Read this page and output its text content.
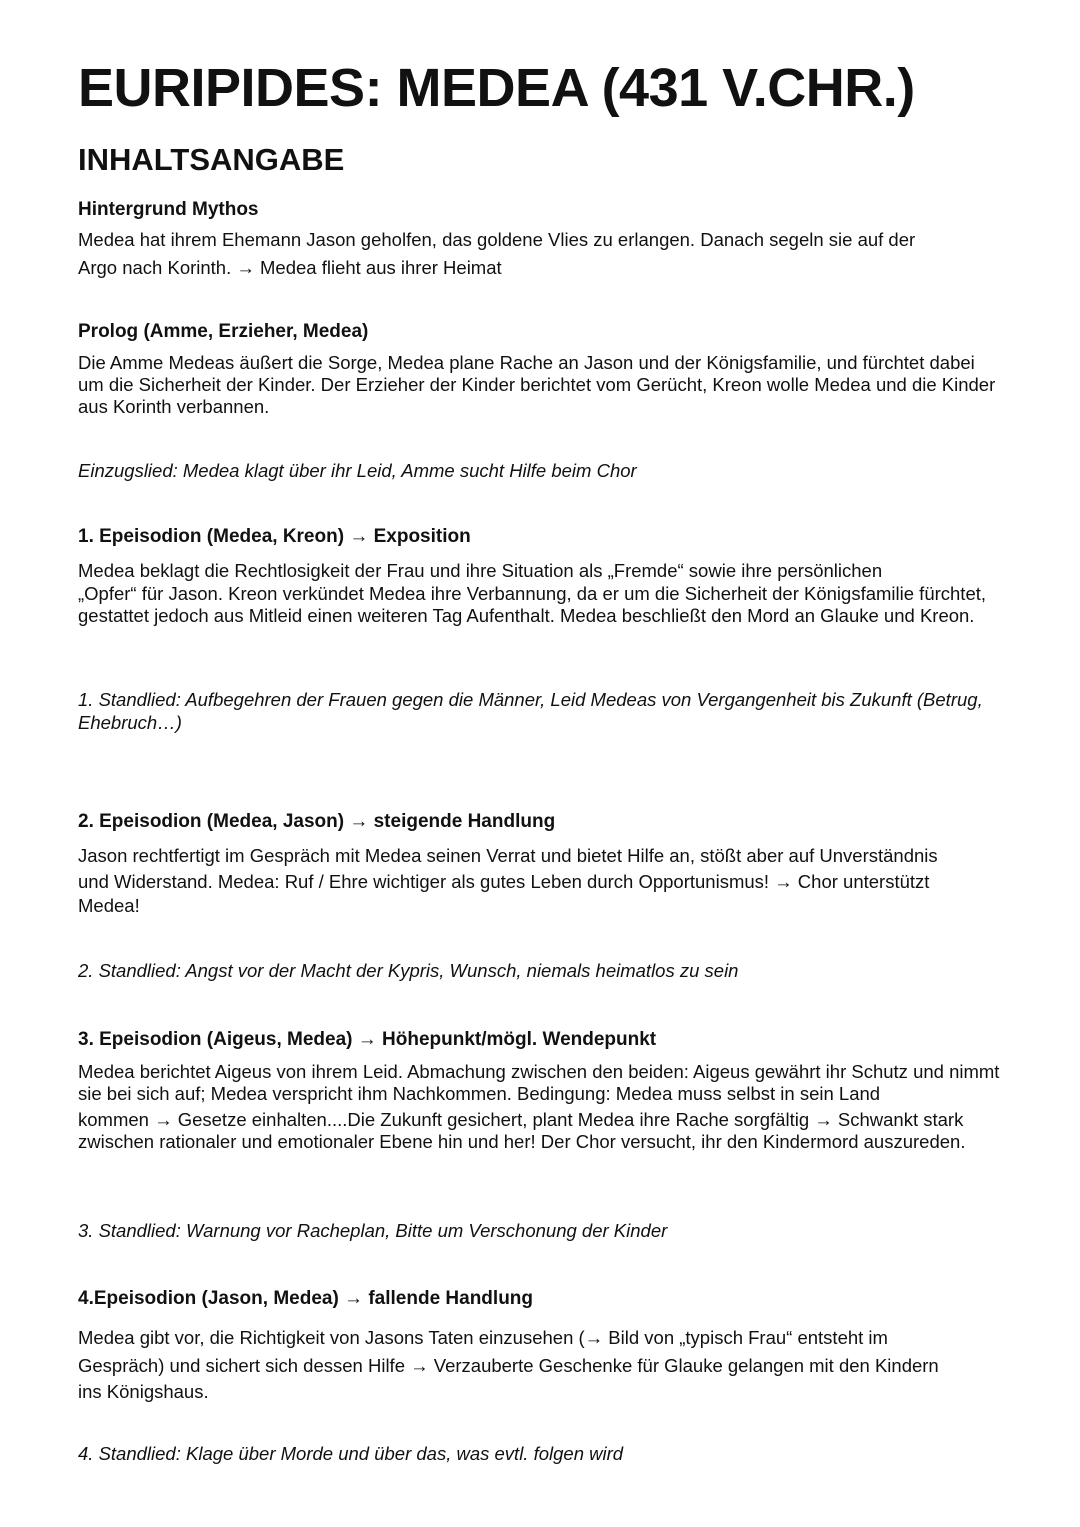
EURIPIDES: MEDEA (431 V.CHR.)
INHALTSANGABE
Hintergrund Mythos
Medea hat ihrem Ehemann Jason geholfen, das goldene Vlies zu erlangen. Danach segeln sie auf der
Argo nach Korinth. → Medea flieht aus ihrer Heimat
Prolog (Amme, Erzieher, Medea)
Die Amme Medeas äußert die Sorge, Medea plane Rache an Jason und der Königsfamilie, und fürchtet dabei um die Sicherheit der Kinder. Der Erzieher der Kinder berichtet vom Gerücht, Kreon wolle Medea und die Kinder aus Korinth verbannen.
Einzugslied: Medea klagt über ihr Leid, Amme sucht Hilfe beim Chor
1. Epeisodion (Medea, Kreon) → Exposition
Medea beklagt die Rechtlosigkeit der Frau und ihre Situation als „Fremde“ sowie ihre persönlichen
„Opfer“ für Jason. Kreon verkündet Medea ihre Verbannung, da er um die Sicherheit der Königsfamilie fürchtet, gestattet jedoch aus Mitleid einen weiteren Tag Aufenthalt. Medea beschließt den Mord an Glauke und Kreon.
1. Standlied: Aufbegehren der Frauen gegen die Männer, Leid Medeas von Vergangenheit bis Zukunft (Betrug, Ehebruch…)
2. Epeisodion (Medea, Jason) → steigende Handlung
Jason rechtfertigt im Gespräch mit Medea seinen Verrat und bietet Hilfe an, stößt aber auf Unverständnis
und Widerstand. Medea: Ruf / Ehre wichtiger als gutes Leben durch Opportunismus! → Chor unterstützt
Medea!
2. Standlied: Angst vor der Macht der Kypris, Wunsch, niemals heimatlos zu sein
3. Epeisodion (Aigeus, Medea) → Höhepunkt/mögl. Wendepunkt
Medea berichtet Aigeus von ihrem Leid. Abmachung zwischen den beiden: Aigeus gewährt ihr Schutz und nimmt sie bei sich auf; Medea verspricht ihm Nachkommen. Bedingung: Medea muss selbst in sein Land
kommen → Gesetze einhalten....Die Zukunft gesichert, plant Medea ihre Rache sorgfältig → Schwankt stark zwischen rationaler und emotionaler Ebene hin und her! Der Chor versucht, ihr den Kindermord auszureden.
3. Standlied: Warnung vor Racheplan, Bitte um Verschonung der Kinder
4.Epeisodion (Jason, Medea) → fallende Handlung
Medea gibt vor, die Richtigkeit von Jasons Taten einzusehen (→ Bild von „typisch Frau“ entsteht im
Gespräch) und sichert sich dessen Hilfe → Verzauberte Geschenke für Glauke gelangen mit den Kindern
ins Königshaus.
4. Standlied: Klage über Morde und über das, was evtl. folgen wird
